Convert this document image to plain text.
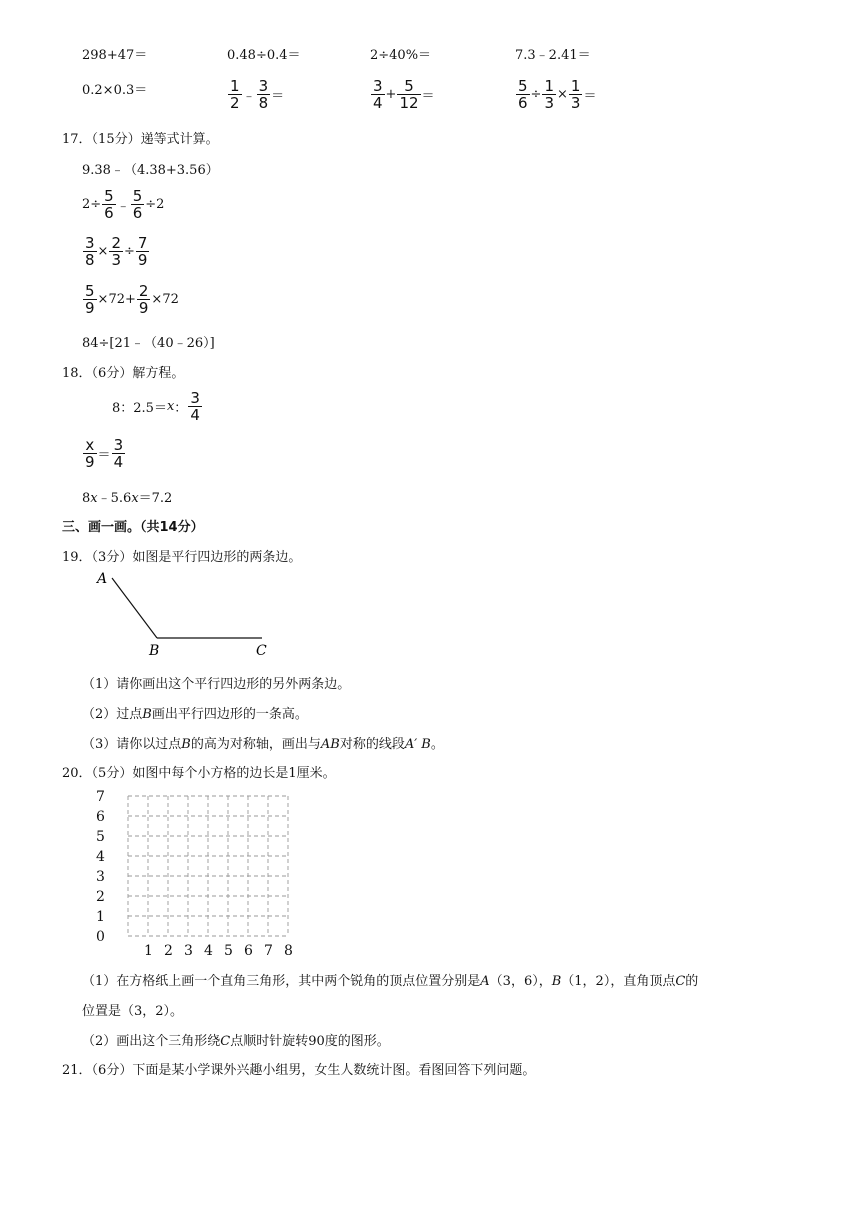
298+47＝	0.48÷0.4＝	2÷40%＝	7.3﹣2.41＝
0.2×0.3＝	$\frac{1}{2}$ ﹣ $\frac{3}{8}$ ＝	$\frac{3}{4} + \frac{5}{12}$ ＝	$\frac{5}{6} \div \frac{1}{3} \times \frac{1}{3}$ ＝
17．（15分）递等式计算。
9.38﹣（4.38+3.56）
$2\div \frac{5}{6}$ ﹣ $\frac{5}{6} \div 2$
$\frac{3}{8} \times \frac{2}{3} \div \frac{7}{9}$
$\frac{5}{9} \times 72+ \frac{2}{9} \times 72$
84÷[21﹣（40﹣26）]
18．（6分）解方程。
8：2.5＝ x ： $\frac{3}{4}$
$\frac{x}{9} = \frac{3}{4}$
8x﹣5.6x＝7.2
三、画一画。（共14分）
19．（3分）如图是平行四边形的两条边。
A
B	C
（1）请你画出这个平行四边形的另外两条边。
（2）过点B画出平行四边形的一条高。
（3）请你以过点B的高为对称轴，画出与AB对称的线段A′ B。
20．（5分）如图中每个小方格的边长是1厘米。
7
6
5
4
3
2
1
0
1 2 3 4 5 6 7 8
（1）在方格纸上画一个直角三角形，其中两个锐角的顶点位置分别是A（3，6），B（1，2），直角顶点C的
位置是（3，2）。
（2）画出这个三角形绕C点顺时针旋转90度的图形。
21．（6分）下面是某小学课外兴趣小组男，女生人数统计图。看图回答下列问题。
